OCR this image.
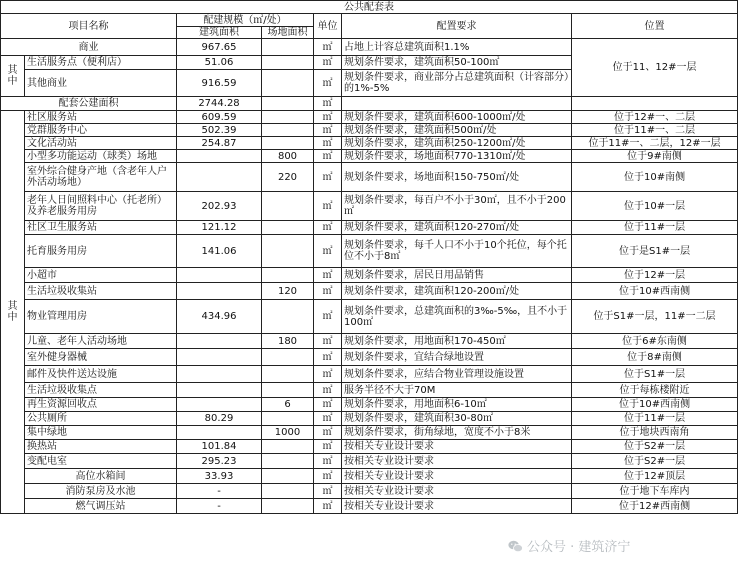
公共配套表						
项目名称		配建规模（㎡/处）		单位	配置要求	位置
		建筑面积	场地面积			
商业		967.65		㎡	占地上计容总建筑面积1.1%	位于11、12#一层
其中	生活服务点（便利店）	51.06		㎡	规划条件要求，建筑面积50-100㎡	
	其他商业	916.59		㎡	规划条件要求，商业部分占总建筑面积（计容部分）的1%-5%	
配套公建面积		2744.28		㎡		
其中	社区服务站	609.59		㎡	规划条件要求，建筑面积600-1000㎡/处	位于12#一、二层
	党群服务中心	502.39		㎡	规划条件要求，建筑面积500㎡/处	位于11#一、二层
	文化活动站	254.87		㎡	规划条件要求，建筑面积250-1200㎡/处	位于11#一、二层，12#一层
	小型多功能运动（球类）场地		800	㎡	规划条件要求，场地面积770-1310㎡/处	位于9#南侧
	室外综合健身产地（含老年人户外活动场地）		220	㎡	规划条件要求，场地面积150-750㎡/处	位于10#南侧
	老年人日间照料中心（托老所）及养老服务用房	202.93		㎡	规划条件要求，每百户不小于30㎡，且不小于200㎡	位于10#一层
	社区卫生服务站	121.12		㎡	规划条件要求，建筑面积120-270㎡/处	位于11#一层
	托育服务用房	141.06		㎡	规划条件要求，每千人口不小于10个托位，每个托位不小于8㎡	位于是S1#一层
	小超市			㎡	规划条件要求，居民日用品销售	位于12#一层
	生活垃圾收集站		120	㎡	规划条件要求，建筑面积120-200㎡/处	位于10#西南侧
	物业管理用房	434.96		㎡	规划条件要求，总建筑面积的3‰-5‰，且不小于100㎡	位于S1#一层，11#一二层
	儿童、老年人活动场地		180	㎡	规划条件要求，用地面积170-450㎡	位于6#东南侧
	室外健身器械			㎡	规划条件要求，宜结合绿地设置	位于8#南侧
	邮件及快件送达设施			㎡	规划条件要求，应结合物业管理设施设置	位于S1#一层
	生活垃圾收集点			㎡	服务半径不大于70M	位于每栋楼附近
	再生资源回收点		6	㎡	规划条件要求，用地面积6-10㎡	位于10#西南侧
	公共厕所	80.29		㎡	规划条件要求，建筑面积30-80㎡	位于11#一层
	集中绿地		1000	㎡	规划条件要求，街角绿地，宽度不小于8米	位于地块西南角
	换热站	101.84		㎡	按相关专业设计要求	位于S2#一层
	变配电室	295.23		㎡	按相关专业设计要求	位于S2#一层
	高位水箱间	33.93		㎡	按相关专业设计要求	位于12#顶层
	消防泵房及水池	-		㎡	按相关专业设计要求	位于地下车库内
	燃气调压站	-		㎡	按相关专业设计要求	位于12#西南侧
公众号 · 建筑济宁
